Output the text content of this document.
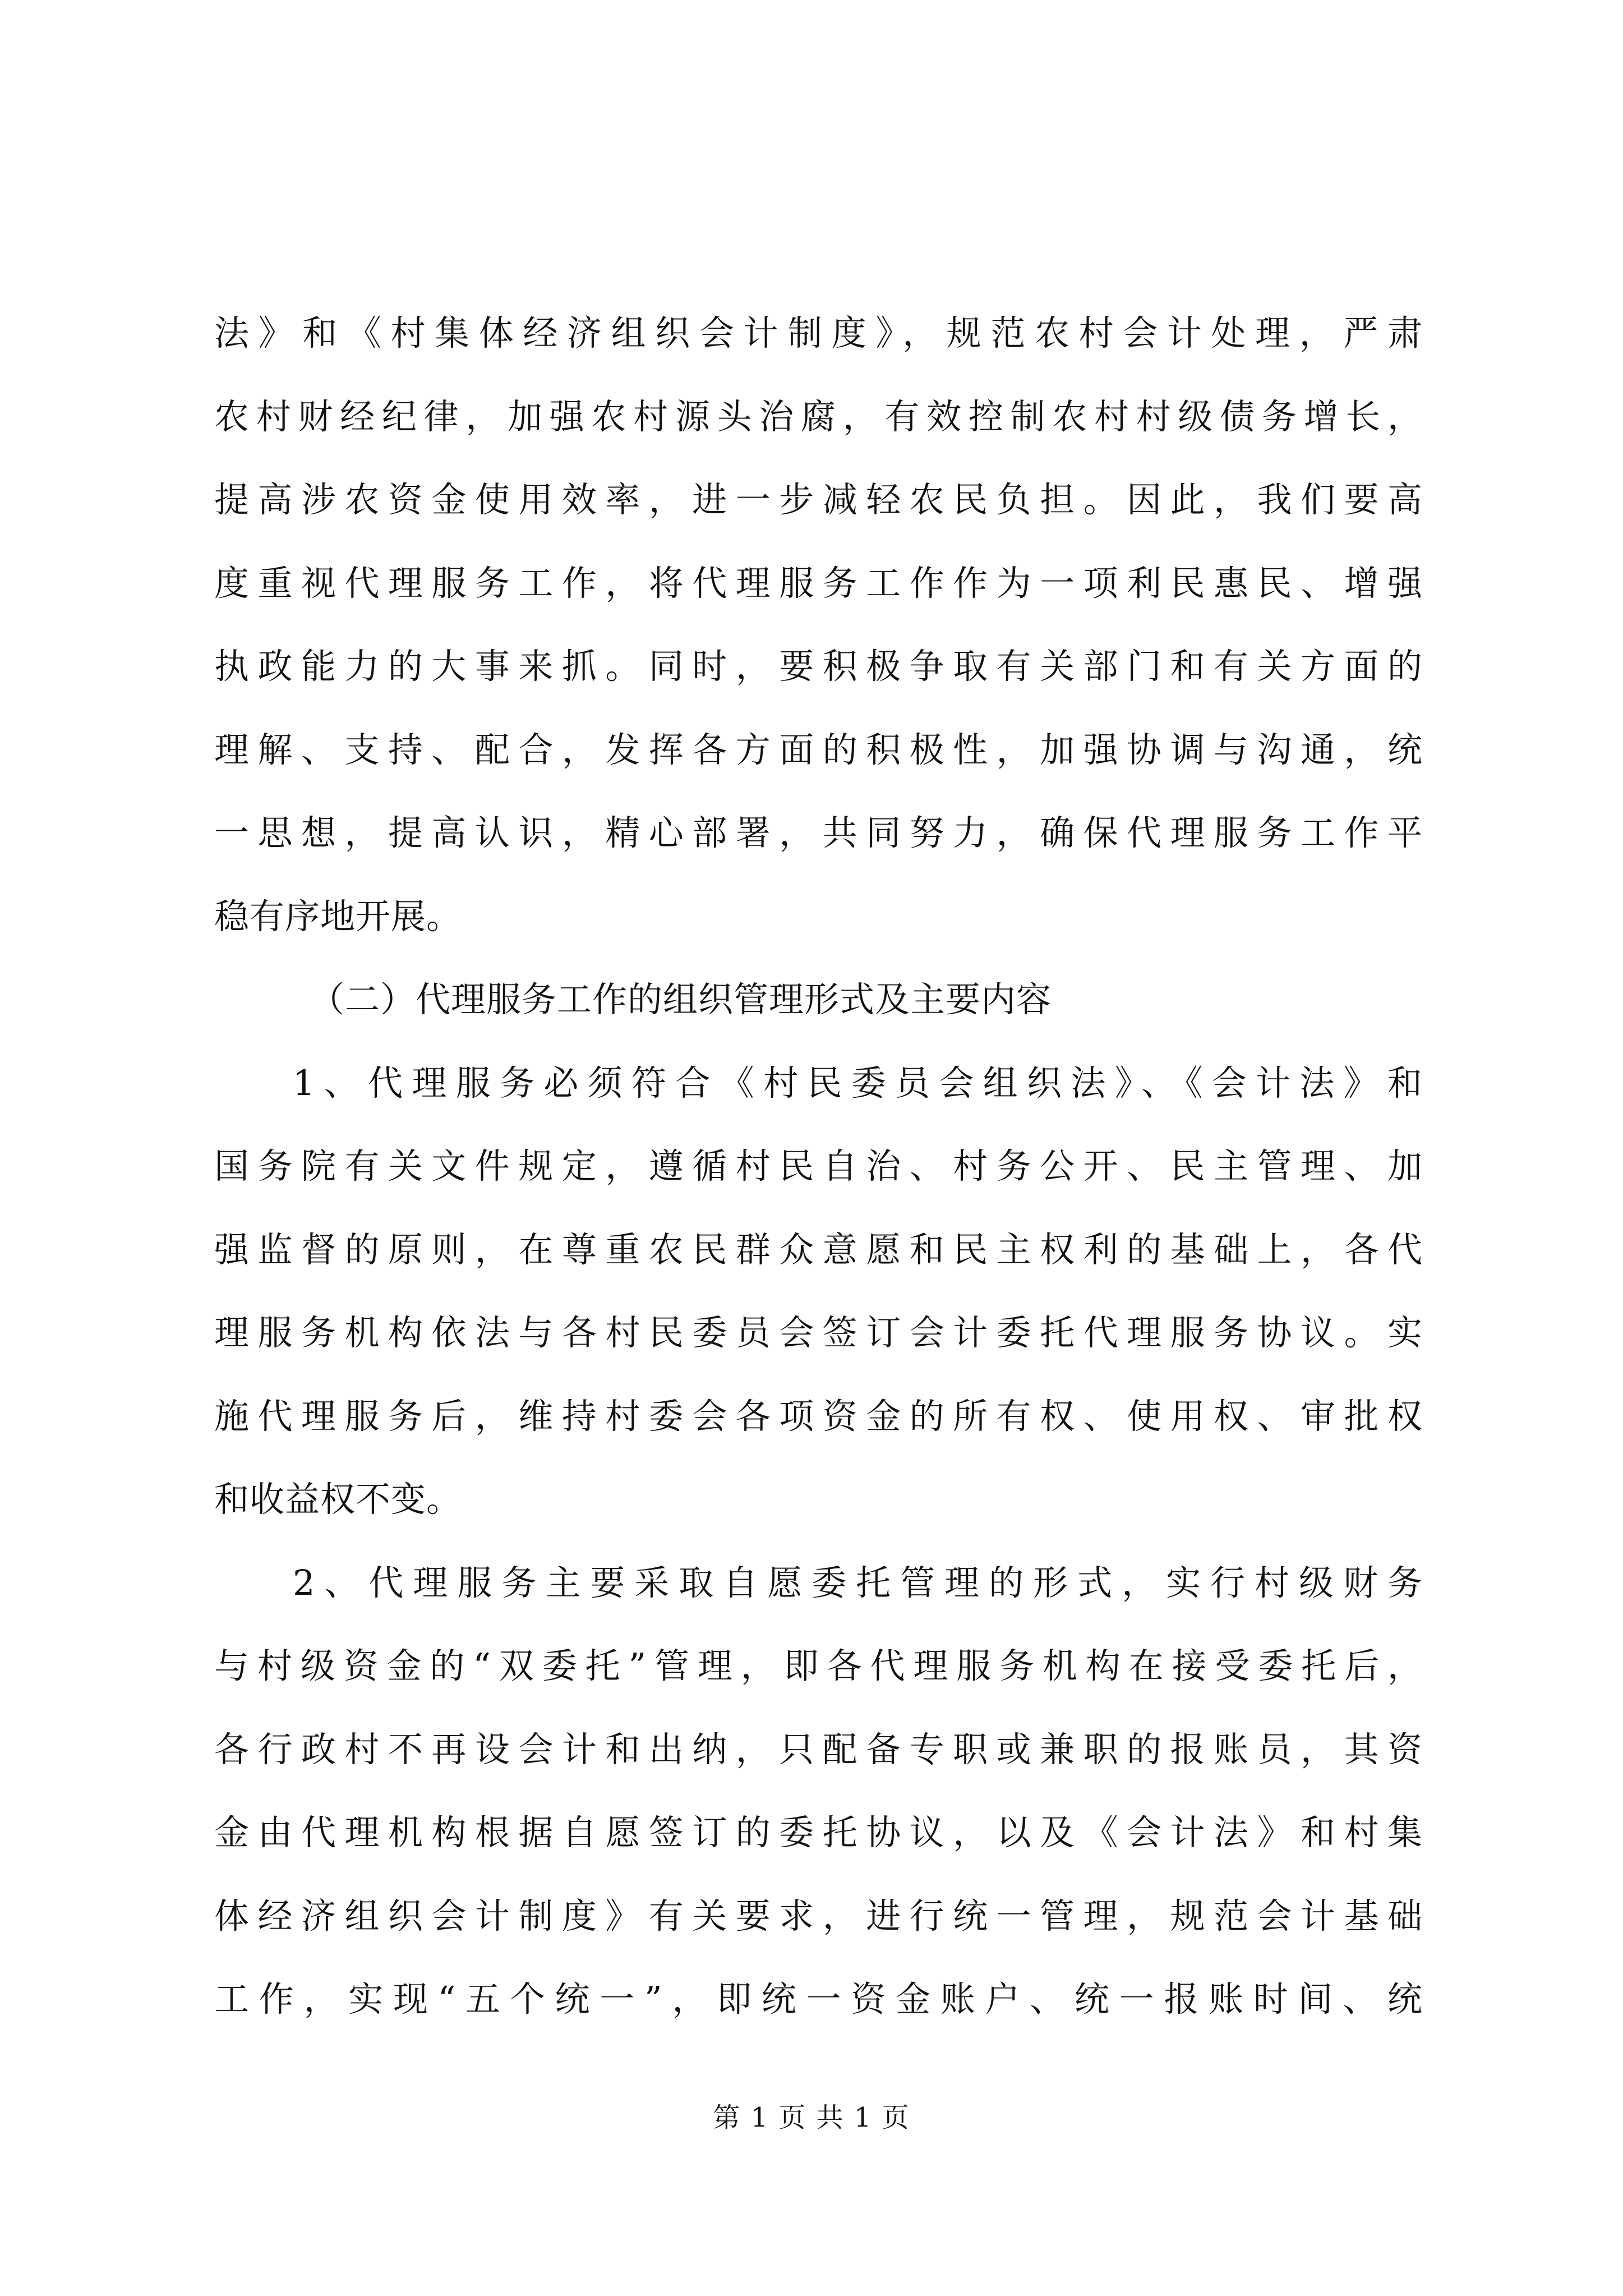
法》和《村集体经济组织会计制度》，规范农村会计处理，严肃
农村财经纪律，加强农村源头治腐，有效控制农村村级债务增长，
提高涉农资金使用效率，进一步减轻农民负担。因此，我们要高
度重视代理服务工作，将代理服务工作作为一项利民惠民、增强
执政能力的大事来抓。同时，要积极争取有关部门和有关方面的
理解、支持、配合，发挥各方面的积极性，加强协调与沟通，统
一思想，提高认识，精心部署，共同努力，确保代理服务工作平
稳有序地开展。
（二）代理服务工作的组织管理形式及主要内容
1、代理服务必须符合《村民委员会组织法》、《会计法》和
国务院有关文件规定，遵循村民自治、村务公开、民主管理、加
强监督的原则，在尊重农民群众意愿和民主权利的基础上，各代
理服务机构依法与各村民委员会签订会计委托代理服务协议。实
施代理服务后，维持村委会各项资金的所有权、使用权、审批权
和收益权不变。
2、代理服务主要采取自愿委托管理的形式，实行村级财务
与村级资金的“双委托”管理，即各代理服务机构在接受委托后，
各行政村不再设会计和出纳，只配备专职或兼职的报账员，其资
金由代理机构根据自愿签订的委托协议，以及《会计法》和村集
体经济组织会计制度》有关要求，进行统一管理，规范会计基础
工作，实现“五个统一”，即统一资金账户、统一报账时间、统
第 1 页 共 1 页
